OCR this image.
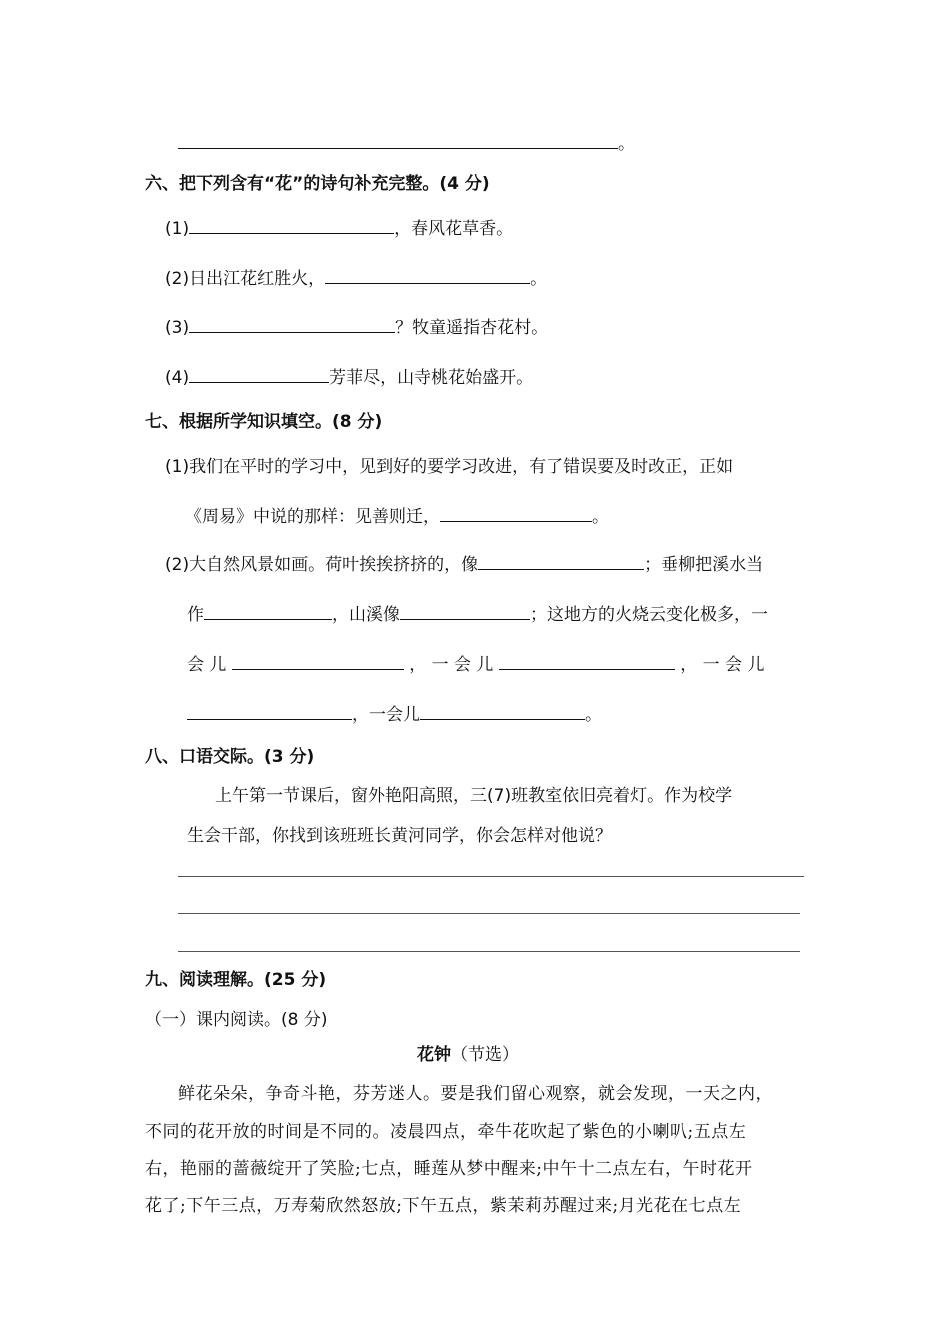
。
六、把下列含有“花”的诗句补充完整。(4 分)
(1)	，春风花草香。
(2)日出江花红胜火，	。
(3)	？牧童遥指杏花村。
(4)	芳菲尽，山寺桃花始盛开。
七、根据所学知识填空。(8 分)
(1)我们在平时的学习中，见到好的要学习改进，有了错误要及时改正，正如
《周易》中说的那样：见善则迁，	。
(2)大自然风景如画。荷叶挨挨挤挤的，像	；垂柳把溪水当
作	，山溪像	；这地方的火烧云变化极多，一
会 儿	， 一 会 儿	， 一 会 儿
，一会儿	。
八、口语交际。(3 分)
上午第一节课后，窗外艳阳高照，三(7)班教室依旧亮着灯。作为校学
生会干部，你找到该班班长黄河同学，你会怎样对他说？
九、阅读理解。(25 分)
（一）课内阅读。(8 分)
花钟（节选）
鲜花朵朵，争奇斗艳，芬芳迷人。要是我们留心观察，就会发现，一天之内，
不同的花开放的时间是不同的。凌晨四点，牵牛花吹起了紫色的小喇叭;五点左
右，艳丽的蔷薇绽开了笑脸;七点，睡莲从梦中醒来;中午十二点左右，午时花开
花了;下午三点，万寿菊欣然怒放;下午五点，紫茉莉苏醒过来;月光花在七点左
